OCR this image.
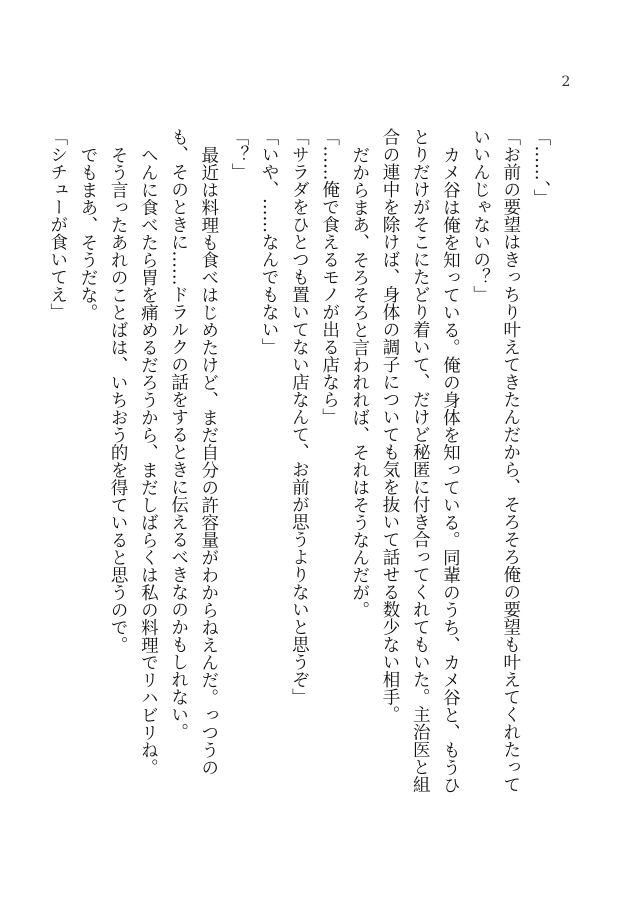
2

「……、」

「お前の要望はきっちり叶えてきたんだから、そろそろ俺の要望も叶えてくれたってい​いんじゃないの？」

カメ谷は俺を知っている。俺の身体を知っている。同輩のうち、カメ谷と、もうひとりだけがそこにたどり着いて、だけど秘匿に付き合ってくれてもいた。主治医と組合の連中を除けば、身体の調子についても気を抜いて話せる数少ない相手。

だからまあ、そろそろと言われれば、それはそうなんだが。

「……俺で食えるモノが出る店なら」

「サラダをひとつも置いてない店なんて、お前が思うよりないと思うぞ」

「いや、……なんでもない」

「？」

最近は料理も食べはじめたけど、まだ自分の許容量がわからねえんだ。っつうのも、そのときに……ドラルクの話をするときに伝えるべきなのかもしれない。

へんに食べたら胃を痛めるだろうから、まだしばらくは私の料理でリハビリね。

そう言ったあれのことばは、いちおう的を得ていると思うので。

でもまあ、そうだな。

「シチューが食いてえ」
